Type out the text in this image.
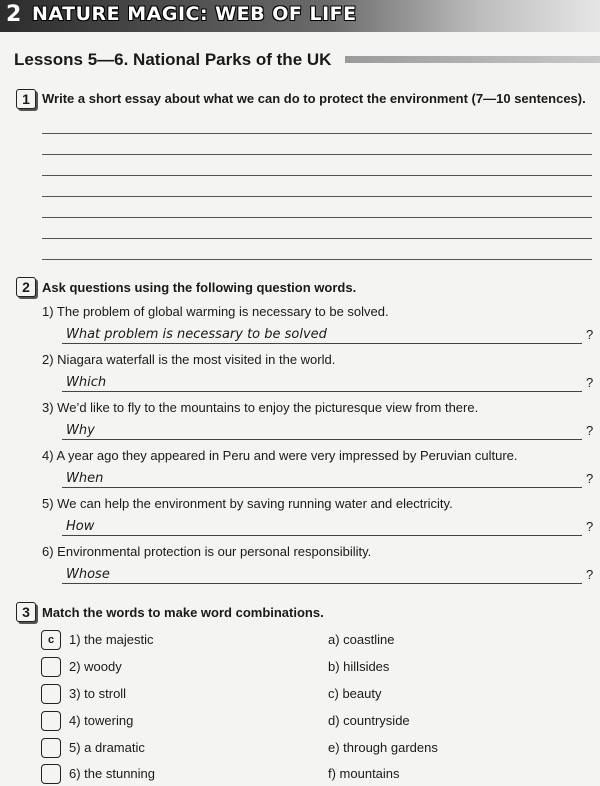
2 NATURE MAGIC: WEB OF LIFE
Lessons 5—6. National Parks of the UK
1 Write a short essay about what we can do to protect the environment (7—10 sentences).
2 Ask questions using the following question words.
1) The problem of global warming is necessary to be solved.
What problem is necessary to be solved	?
2) Niagara waterfall is the most visited in the world.
Which	?
3) We’d like to fly to the mountains to enjoy the picturesque view from there.
Why	?
4) A year ago they appeared in Peru and were very impressed by Peruvian culture.
When	?
5) We can help the environment by saving running water and electricity.
How	?
6) Environmental protection is our personal responsibility.
Whose	?
3 Match the words to make word combinations.
c	1) the majestic	a) coastline
2) woody	b) hillsides
3) to stroll	c) beauty
4) towering	d) countryside
5) a dramatic	e) through gardens
6) the stunning	f) mountains
